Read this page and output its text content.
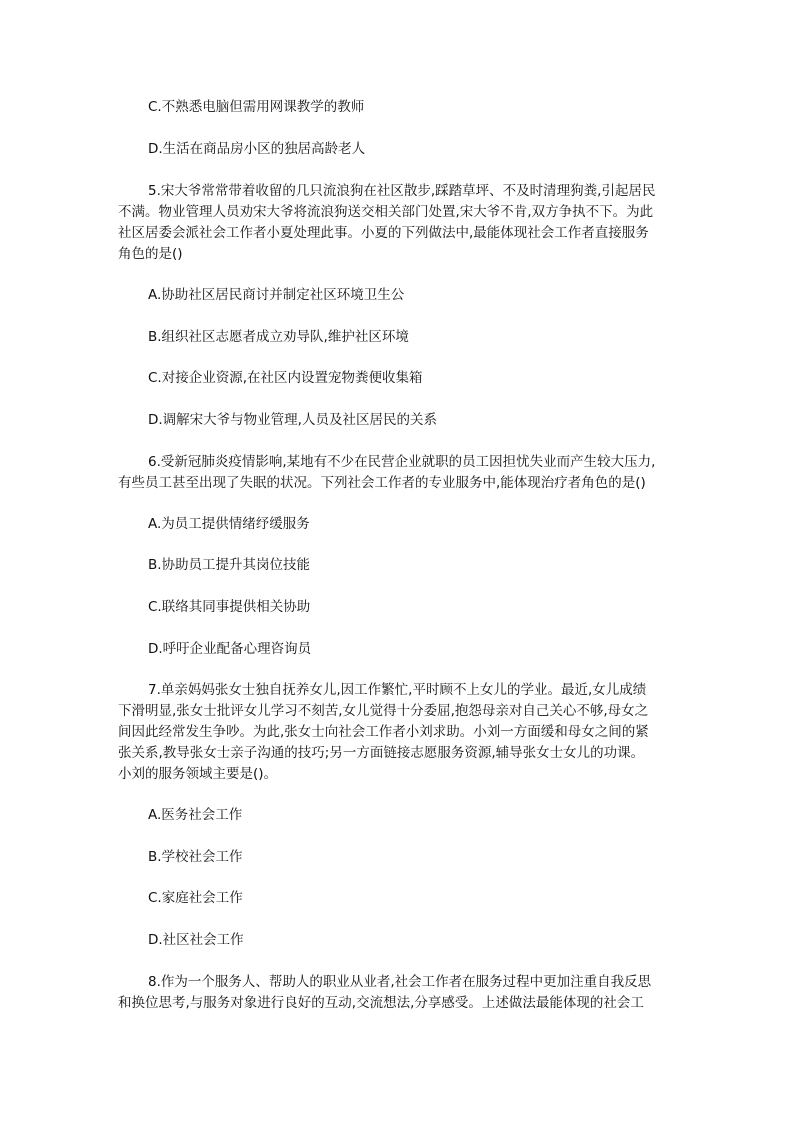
C.不熟悉电脑但需用网课教学的教师

D.生活在商品房小区的独居高龄老人

5.宋大爷常常带着收留的几只流浪狗在社区散步,踩踏草坪、不及时清理狗粪,引起居民
不满。物业管理人员劝宋大爷将流浪狗送交相关部门处置,宋大爷不肯,双方争执不下。为此
社区居委会派社会工作者小夏处理此事。小夏的下列做法中,最能体现社会工作者直接服务
角色的是()

A.协助社区居民商讨并制定社区环境卫生公

B.组织社区志愿者成立劝导队,维护社区环境

C.对接企业资源,在社区内设置宠物粪便收集箱

D.调解宋大爷与物业管理,人员及社区居民的关系

6.受新冠肺炎疫情影响,某地有不少在民营企业就职的员工因担忧失业而产生较大压力,
有些员工甚至出现了失眠的状况。下列社会工作者的专业服务中,能体现治疗者角色的是()

A.为员工提供情绪纾缓服务

B.协助员工提升其岗位技能

C.联络其同事提供相关协助

D.呼吁企业配备心理咨询员

7.单亲妈妈张女士独自抚养女儿,因工作繁忙,平时顾不上女儿的学业。最近,女儿成绩
下滑明显,张女士批评女儿学习不刻苦,女儿觉得十分委屈,抱怨母亲对自己关心不够,母女之
间因此经常发生争吵。为此,张女士向社会工作者小刘求助。小刘一方面缓和母女之间的紧
张关系,教导张女士亲子沟通的技巧;另一方面链接志愿服务资源,辅导张女士女儿的功课。
小刘的服务领域主要是()。

A.医务社会工作

B.学校社会工作

C.家庭社会工作

D.社区社会工作

8.作为一个服务人、帮助人的职业从业者,社会工作者在服务过程中更加注重自我反思
和换位思考,与服务对象进行良好的互动,交流想法,分享感受。上述做法最能体现的社会工
